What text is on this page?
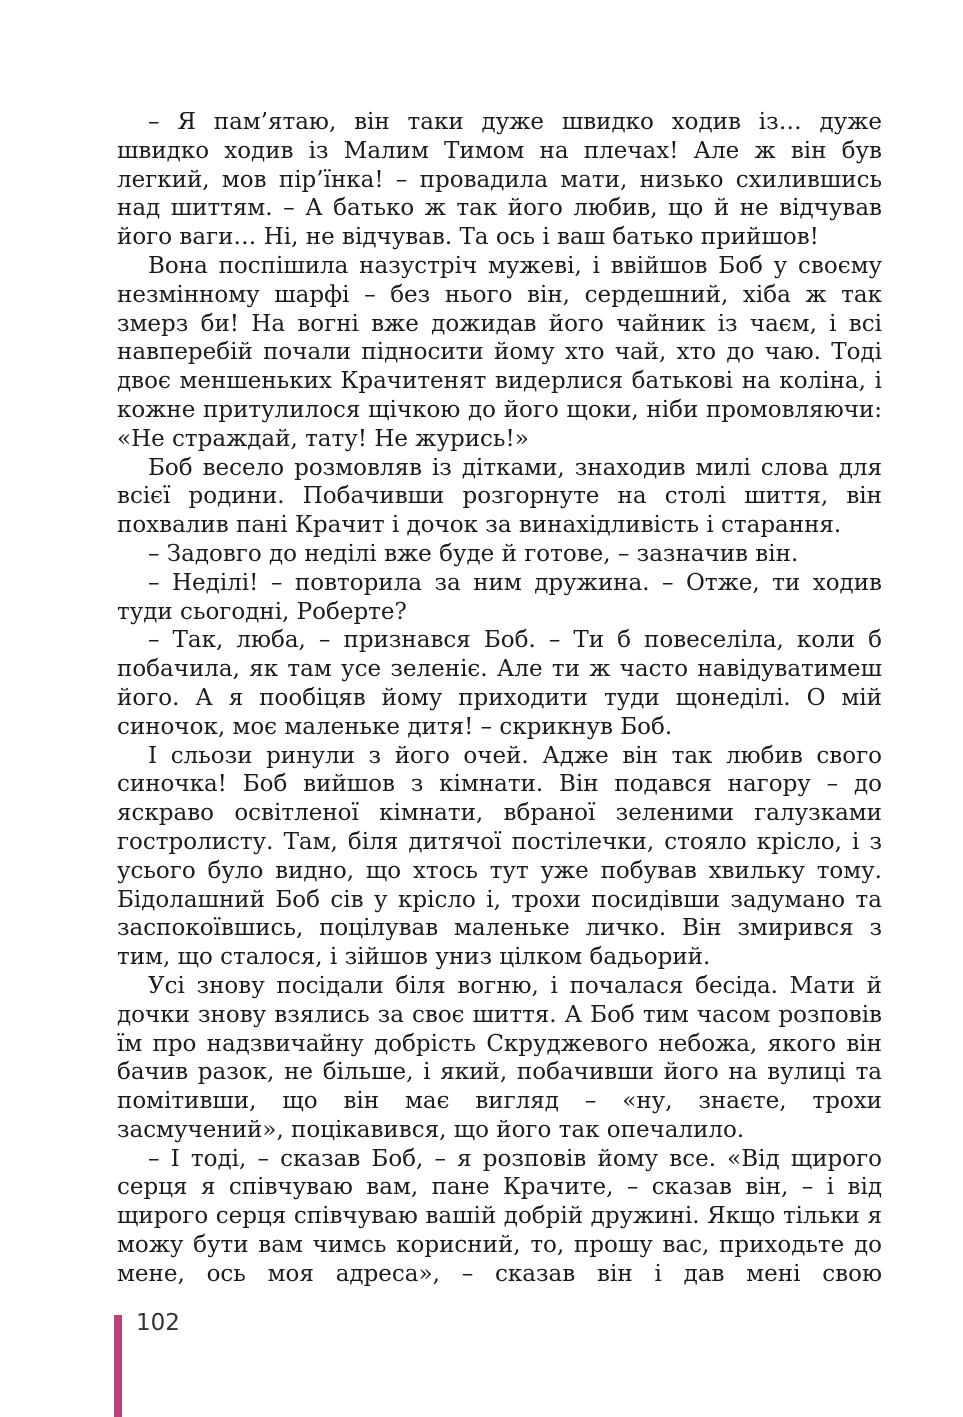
– Я пам’ятаю, він таки дуже швидко ходив із… дуже швидко ходив із Малим Тимом на плечах! Але ж він був легкий, мов пір’їнка! – провадила мати, низько схилившись над шиттям. – А батько ж так його любив, що й не відчував його ваги… Ні, не відчував. Та ось і ваш батько прийшов!

Вона поспішила назустріч мужеві, і ввійшов Боб у своєму незмінному шарфі – без нього він, сердешний, хіба ж так змерз би! На вогні вже дожидав його чайник із чаєм, і всі навперебій почали підносити йому хто чай, хто до чаю. Тоді двоє меншеньких Крачитенят видерлися батькові на коліна, і кожне притулилося щічкою до його щоки, ніби промовляючи: «Не страждай, тату! Не журись!»

Боб весело розмовляв із дітками, знаходив милі слова для всієї родини. Побачивши розгорнуте на столі шиття, він похвалив пані Крачит і дочок за винахідливість і старання.

– Задовго до неділі вже буде й готове, – зазначив він.

– Неділі! – повторила за ним дружина. – Отже, ти ходив туди сьогодні, Роберте?

– Так, люба, – признався Боб. – Ти б повеселіла, коли б побачила, як там усе зеленіє. Але ти ж часто навідуватимеш його. А я пообіцяв йому приходити туди щонеділі. О мій синочок, моє маленьке дитя! – скрикнув Боб.

І сльози ринули з його очей. Адже він так любив свого синочка! Боб вийшов з кімнати. Він подався нагору – до яскраво освітленої кімнати, вбраної зеленими галузками гостролисту. Там, біля дитячої постілечки, стояло крісло, і з усього було видно, що хтось тут уже побував хвильку тому. Бідолашний Боб сів у крісло і, трохи посидівши задумано та заспокоївшись, поцілував маленьке личко. Він змирився з тим, що сталося, і зійшов униз цілком бадьорий.

Усі знову посідали біля вогню, і почалася бесіда. Мати й дочки знову взялись за своє шиття. А Боб тим часом розповів їм про надзвичайну добрість Скруджевого небожа, якого він бачив разок, не більше, і який, побачивши його на вулиці та помітивши, що він має вигляд – «ну, знаєте, трохи засмучений», поцікавився, що його так опечалило.

– І тоді, – сказав Боб, – я розповів йому все. «Від щирого серця я співчуваю вам, пане Крачите, – сказав він, – і від щирого серця співчуваю вашій добрій дружині. Якщо тільки я можу бути вам чимсь корисний, то, прошу вас, приходьте до мене, ось моя адреса», – сказав він і дав мені свою

102
